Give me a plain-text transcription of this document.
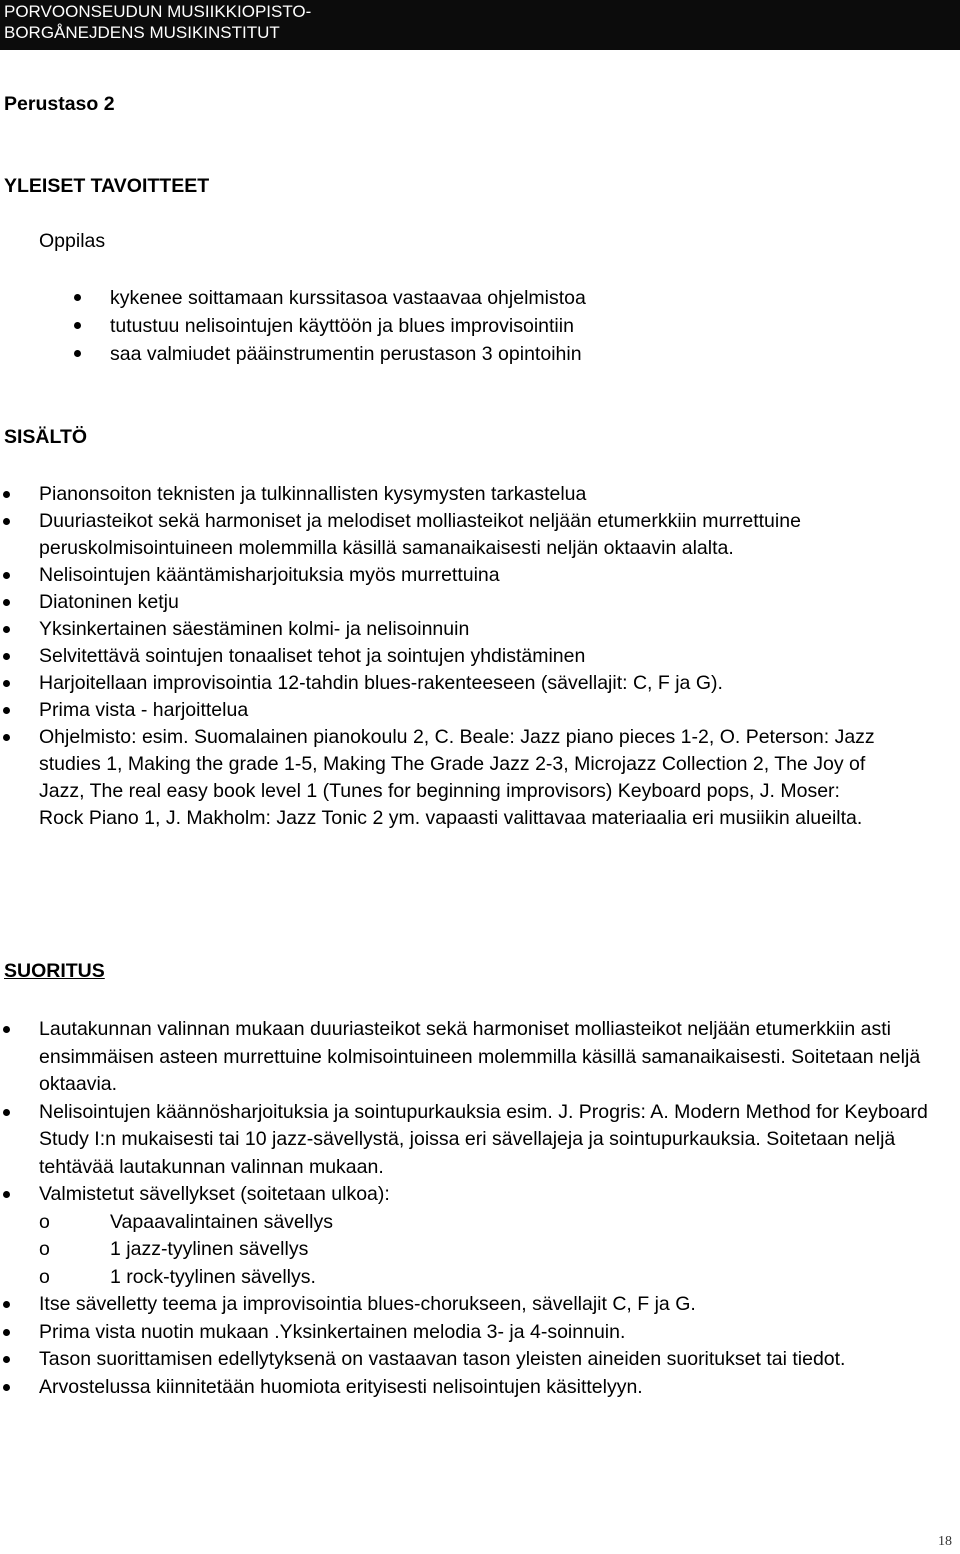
PORVOONSEUDUN MUSIIKKIOPISTO-
BORGÅNEJDENS MUSIKINSTITUT
Perustaso 2
YLEISET TAVOITTEET
Oppilas
kykenee soittamaan kurssitasoa vastaavaa ohjelmistoa
tutustuu nelisointujen käyttöön ja blues improvisointiin
saa valmiudet pääinstrumentin perustason 3 opintoihin
SISÄLTÖ
Pianonsoiton teknisten ja tulkinnallisten kysymysten tarkastelua
Duuriasteikot sekä harmoniset ja melodiset molliasteikot neljään etumerkkiin murrettuine peruskolmisointuineen molemmilla käsillä samanaikaisesti neljän oktaavin alalta.
Nelisointujen kääntämisharjoituksia myös murrettuina
Diatoninen ketju
Yksinkertainen säestäminen kolmi- ja nelisoinnuin
Selvitettävä sointujen tonaaliset tehot ja sointujen yhdistäminen
Harjoitellaan improvisointia 12-tahdin blues-rakenteeseen (sävellajit: C, F ja G).
Prima vista - harjoittelua
Ohjelmisto: esim. Suomalainen pianokoulu 2, C. Beale: Jazz piano pieces 1-2, O. Peterson: Jazz studies 1, Making the grade 1-5, Making The Grade Jazz 2-3, Microjazz Collection 2, The Joy of Jazz, The real easy book level 1 (Tunes for beginning improvisors) Keyboard pops, J. Moser: Rock Piano 1, J. Makholm: Jazz Tonic 2 ym. vapaasti valittavaa materiaalia eri musiikin alueilta.
SUORITUS
Lautakunnan valinnan mukaan duuriasteikot sekä harmoniset molliasteikot neljään etumerkkiin asti ensimmäisen asteen murrettuine kolmisointuineen molemmilla käsillä samanaikaisesti. Soitetaan neljä oktaavia.
Nelisointujen käännösharjoituksia ja sointupurkauksia esim. J. Progris: A. Modern Method for Keyboard Study I:n mukaisesti tai 10 jazz-sävellystä, joissa eri sävellajeja ja sointupurkauksia. Soitetaan neljä tehtävää lautakunnan valinnan mukaan.
Valmistetut sävellykset (soitetaan ulkoa):
o	Vapaavalintainen sävellys
o	1 jazz-tyylinen sävellys
o	1 rock-tyylinen sävellys.
Itse sävelletty teema ja improvisointia blues-chorukseen, sävellajit C, F ja G.
Prima vista nuotin mukaan .Yksinkertainen melodia 3- ja 4-soinnuin.
Tason suorittamisen edellytyksenä on vastaavan tason yleisten aineiden suoritukset tai tiedot.
Arvostelussa kiinnitetään huomiota erityisesti nelisointujen käsittelyyn.
18
